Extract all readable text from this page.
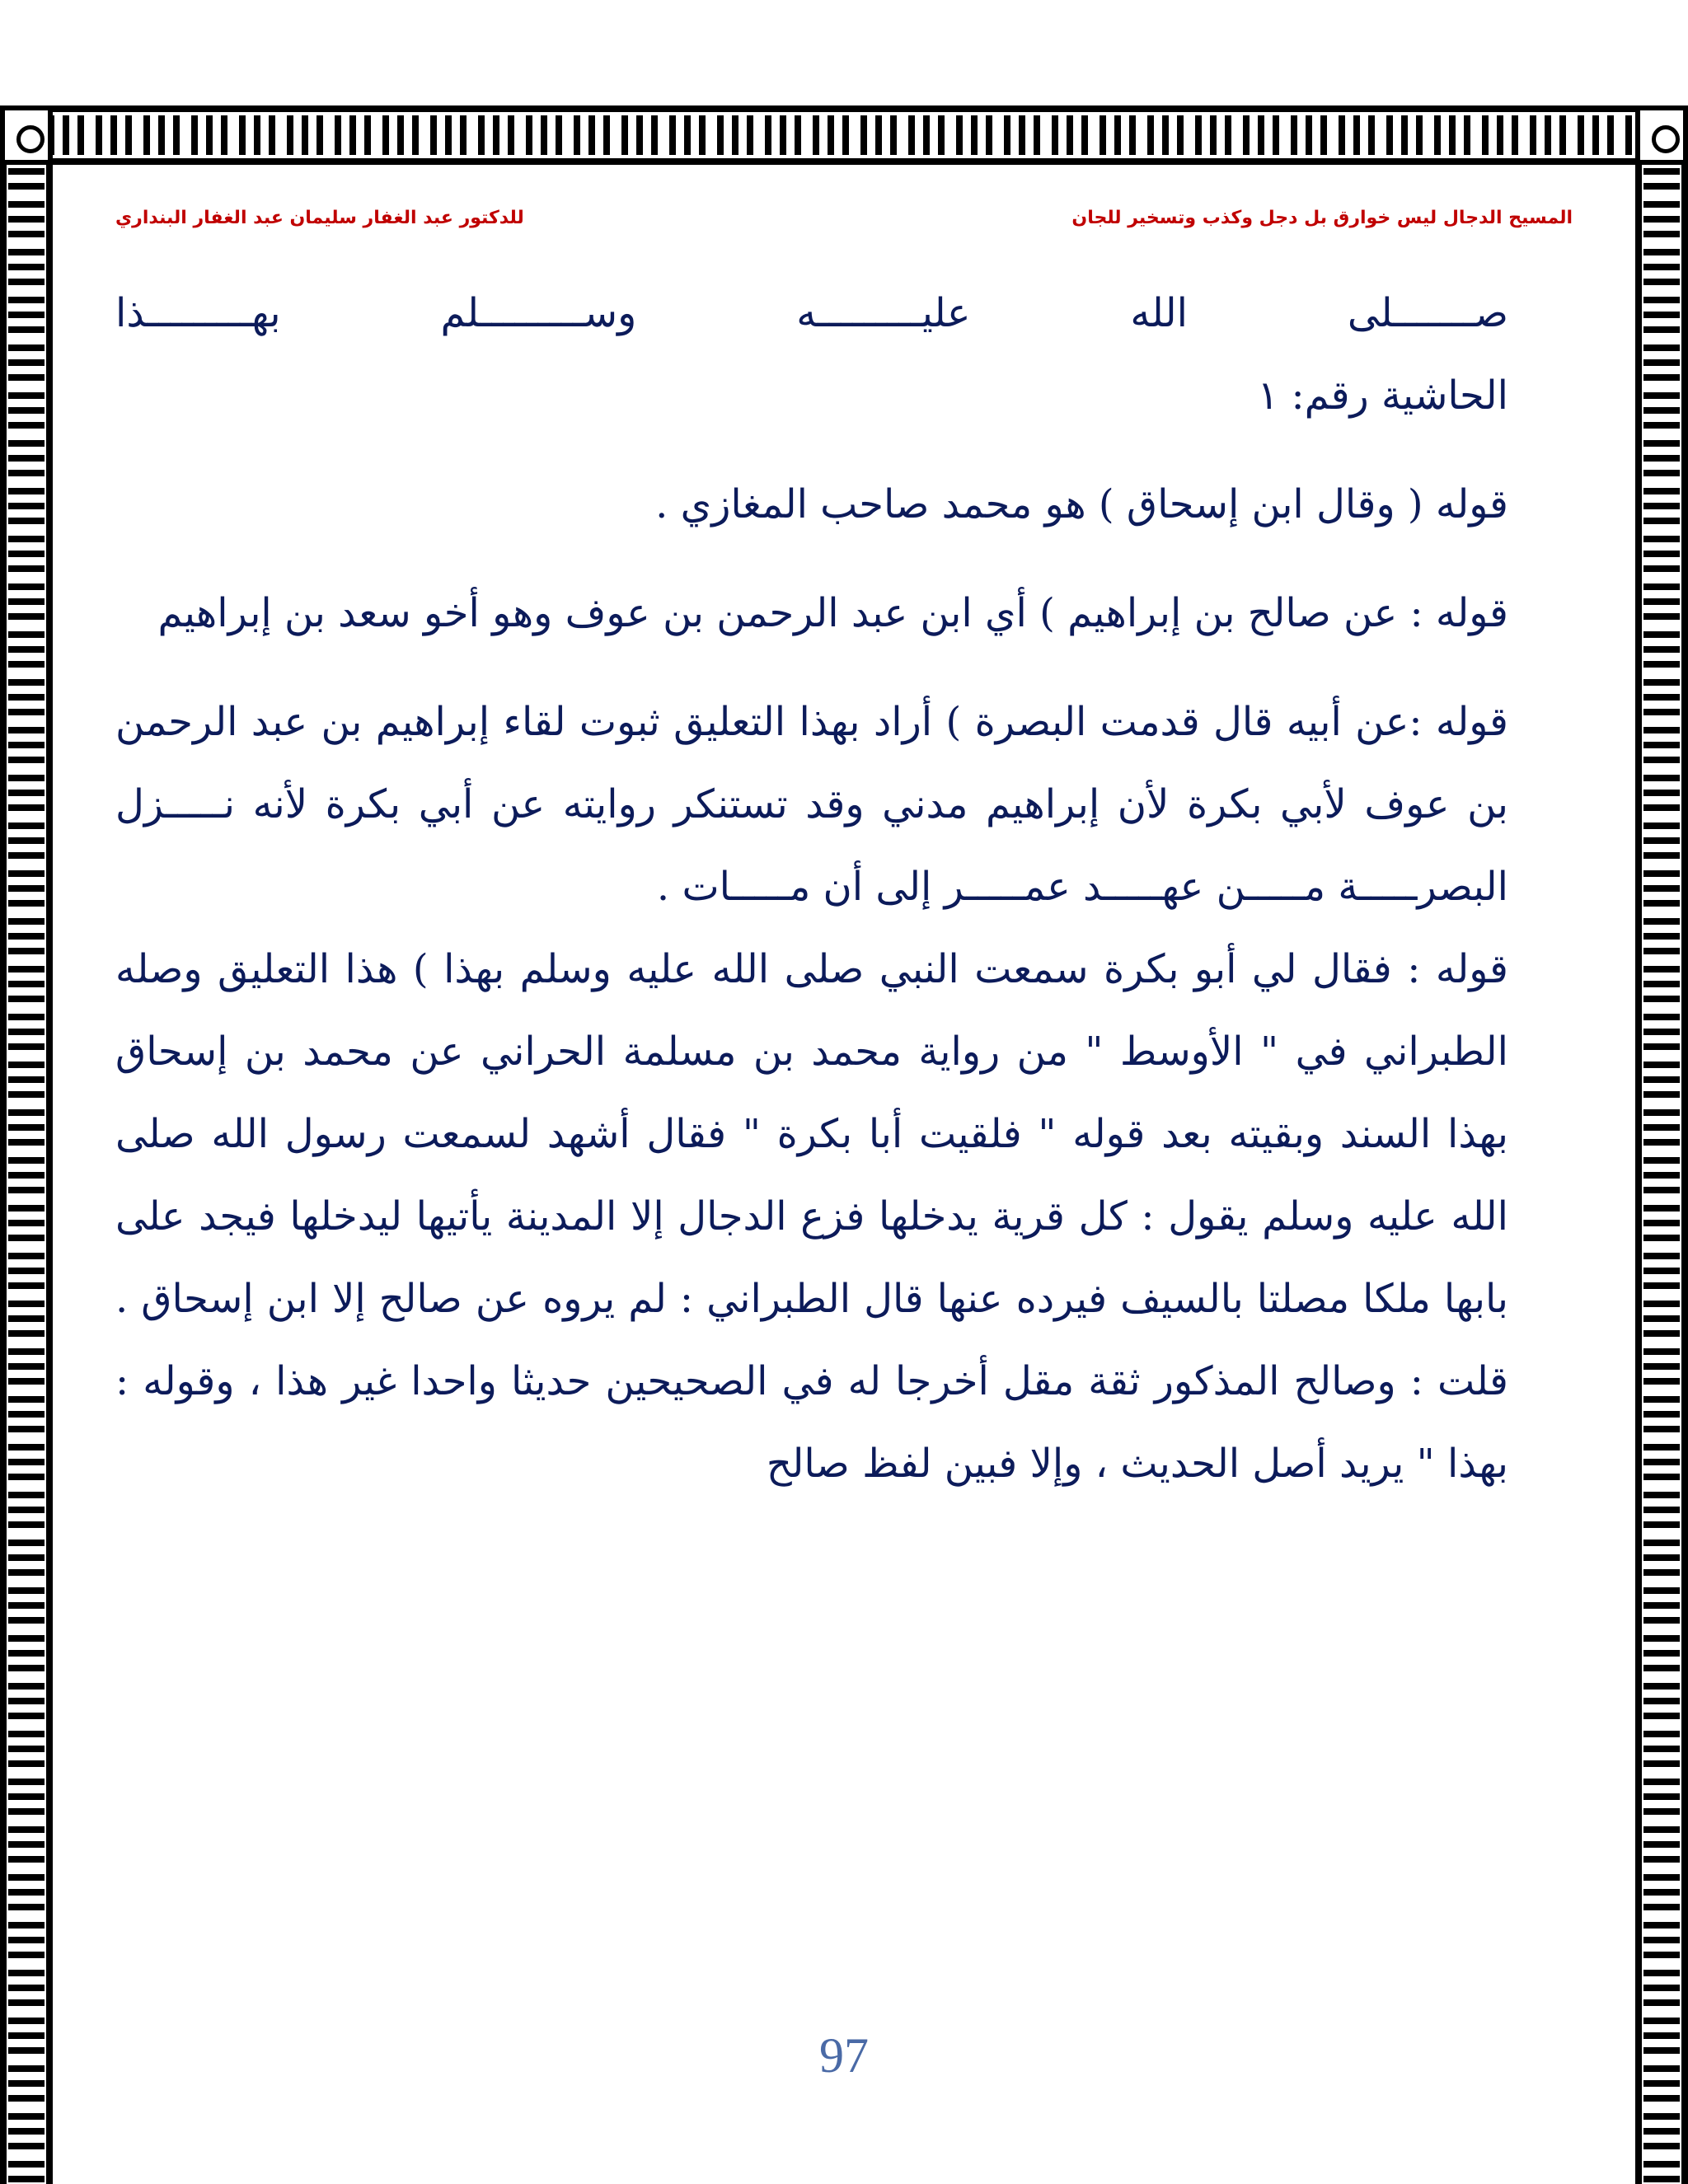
المسيح الدجال ليس خوارق بل دجل وكذب وتسخير للجان
للدكتور عبد الغفار سليمان عبد الغفار البنداري

صـــــــلى الله عليـــــــــه وســـــــــلم بهـــــــــذا

الحاشية رقم: ١

قوله ( وقال ابن إسحاق ) هو محمد صاحب المغازي .

قوله : عن صالح بن إبراهيم ) أي ابن عبد الرحمن بن عوف وهو أخو سعد بن إبراهيم

قوله :عن أبيه قال قدمت البصرة ) أراد بهذا التعليق ثبوت لقاء إبراهيم بن عبد الرحمن بن عوف لأبي بكرة لأن إبراهيم مدني وقد تستنكر روايته عن أبي بكرة لأنه نـــــزل البصرـــــة مـــــن عهـــــد عمـــــر إلى أن مـــــات .

قوله : فقال لي أبو بكرة سمعت النبي صلى الله عليه وسلم بهذا ) هذا التعليق وصله الطبراني في " الأوسط " من رواية محمد بن مسلمة الحراني عن محمد بن إسحاق بهذا السند وبقيته بعد قوله " فلقيت أبا بكرة " فقال أشهد لسمعت رسول الله صلى الله عليه وسلم يقول : كل قرية يدخلها فزع الدجال إلا المدينة يأتيها ليدخلها فيجد على بابها ملكا مصلتا بالسيف فيرده عنها قال الطبراني : لم يروه عن صالح إلا ابن إسحاق . قلت : وصالح المذكور ثقة مقل أخرجا له في الصحيحين حديثا واحدا غير هذا ، وقوله : بهذا " يريد أصل الحديث ، وإلا فبين لفظ صالح

97
